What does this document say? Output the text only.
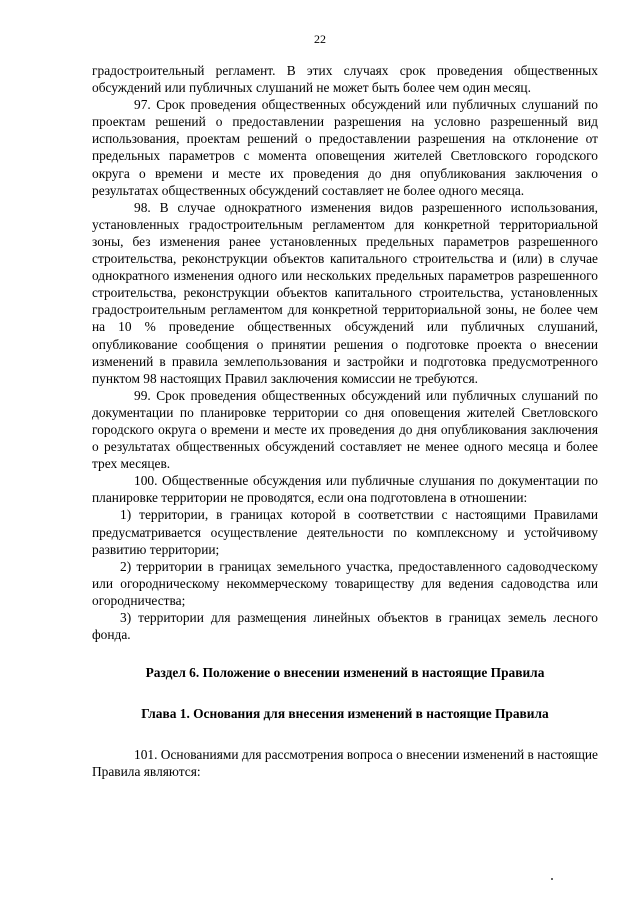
22

градостроительный регламент. В этих случаях срок проведения общественных обсуждений или публичных слушаний не может быть более чем один месяц.

97. Срок проведения общественных обсуждений или публичных слушаний по проектам решений о предоставлении разрешения на условно разрешенный вид использования, проектам решений о предоставлении разрешения на отклонение от предельных параметров с момента оповещения жителей Светловского городского округа о времени и месте их проведения до дня опубликования заключения о результатах общественных обсуждений составляет не более одного месяца.

98. В случае однократного изменения видов разрешенного использования, установленных градостроительным регламентом для конкретной территориальной зоны, без изменения ранее установленных предельных параметров разрешенного строительства, реконструкции объектов капитального строительства и (или) в случае однократного изменения одного или нескольких предельных параметров разрешенного строительства, реконструкции объектов капитального строительства, установленных градостроительным регламентом для конкретной территориальной зоны, не более чем на 10 % проведение общественных обсуждений или публичных слушаний, опубликование сообщения о принятии решения о подготовке проекта о внесении изменений в правила землепользования и застройки и подготовка предусмотренного пунктом 98 настоящих Правил заключения комиссии не требуются.

99. Срок проведения общественных обсуждений или публичных слушаний по документации по планировке территории со дня оповещения жителей Светловского городского округа о времени и месте их проведения до дня опубликования заключения о результатах общественных обсуждений составляет не менее одного месяца и более трех месяцев.

100. Общественные обсуждения или публичные слушания по документации по планировке территории не проводятся, если она подготовлена в отношении:

1) территории, в границах которой в соответствии с настоящими Правилами предусматривается осуществление деятельности по комплексному и устойчивому развитию территории;

2) территории в границах земельного участка, предоставленного садоводческому или огородническому некоммерческому товариществу для ведения садоводства или огородничества;

3) территории для размещения линейных объектов в границах земель лесного фонда.

Раздел 6. Положение о внесении изменений в настоящие Правила
Глава 1. Основания для внесения изменений в настоящие Правила

101. Основаниями для рассмотрения вопроса о внесении изменений в настоящие Правила являются:
